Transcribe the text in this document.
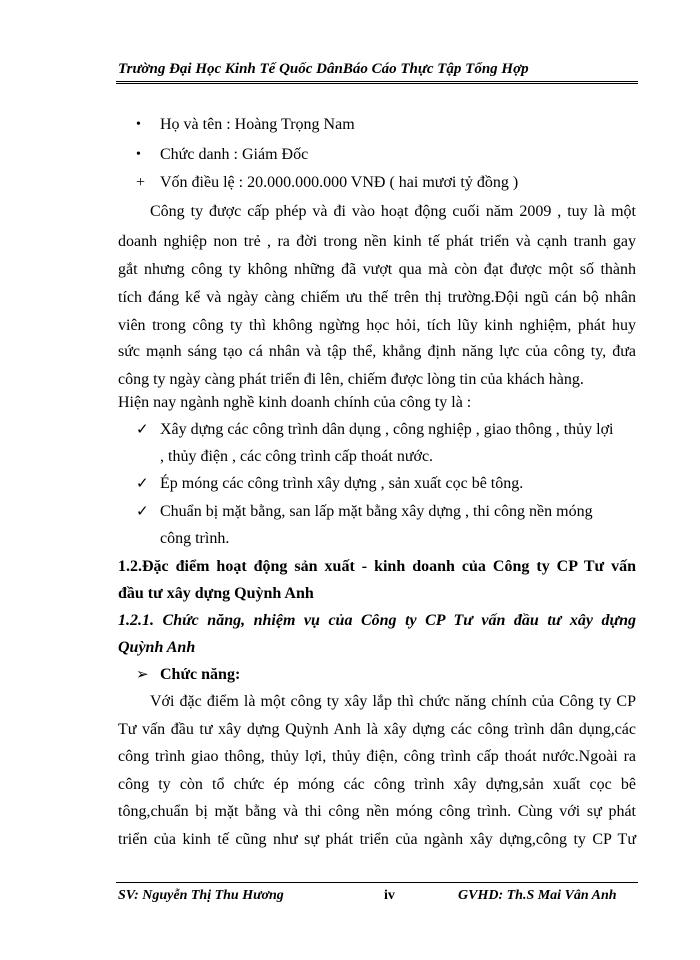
Trường Đại Học Kinh Tế Quốc DânBáo Cáo Thực Tập Tổng Hợp
• Họ và tên : Hoàng Trọng Nam
• Chức danh : Giám Đốc
+ Vốn điều lệ : 20.000.000.000 VNĐ ( hai mươi tỷ đồng )
Công ty được cấp phép và đi vào hoạt động cuối năm 2009 , tuy là một
doanh nghiệp non trẻ , ra đời trong nền kinh tế phát triển và cạnh tranh gay
gắt nhưng công ty không những đã vượt qua mà còn đạt được một số thành
tích đáng kể và ngày càng chiếm ưu thế trên thị trường.Đội ngũ cán bộ nhân
viên trong công ty thì không ngừng học hỏi, tích lũy kinh nghiệm, phát huy
sức mạnh sáng tạo cá nhân và tập thể, khẳng định năng lực của công ty, đưa
công ty ngày càng phát triển đi lên, chiếm được lòng tin của khách hàng.
Hiện nay ngành nghề kinh doanh chính của công ty là :
✓ Xây dựng các công trình dân dụng , công nghiệp , giao thông , thủy lợi
, thủy điện , các công trình cấp thoát nước.
✓ Ép móng các công trình xây dựng , sản xuất cọc bê tông.
✓ Chuẩn bị mặt bằng, san lấp mặt bằng xây dựng , thi công nền móng
công trình.
1.2.Đặc điểm hoạt động sản xuất - kinh doanh của Công ty CP Tư vấn
đầu tư xây dựng Quỳnh Anh
1.2.1. Chức năng, nhiệm vụ của Công ty CP Tư vấn đầu tư xây dựng
Quỳnh Anh
➢ Chức năng:
Với đặc điểm là một công ty xây lắp thì chức năng chính của Công ty CP
Tư vấn đầu tư xây dựng Quỳnh Anh là xây dựng các công trình dân dụng,các
công trình giao thông, thủy lợi, thủy điện, công trình cấp thoát nước.Ngoài ra
công ty còn tổ chức ép móng các công trình xây dựng,sản xuất cọc bê
tông,chuẩn bị mặt bằng và thi công nền móng công trình. Cùng với sự phát
triển của kinh tế cũng như sự phát triển của ngành xây dựng,công ty CP Tư
SV: Nguyễn Thị Thu Hương	iv	GVHD: Th.S Mai Vân Anh
